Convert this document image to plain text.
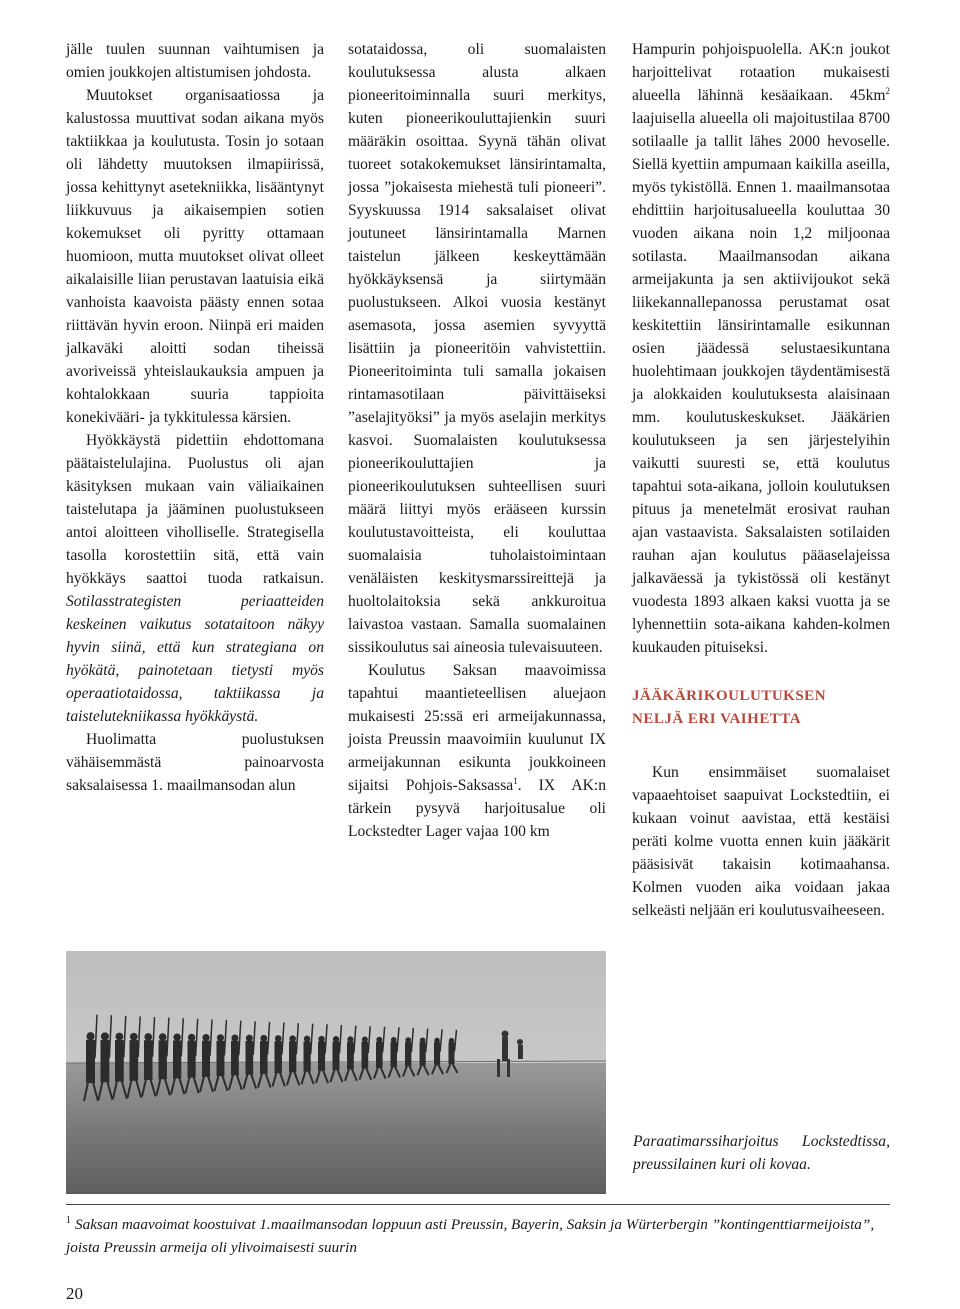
jälle tuulen suunnan vaihtumisen ja omien joukkojen altistumisen johdosta.

Muutokset organisaatiossa ja kalustossa muuttivat sodan aikana myös taktiikkaa ja koulutusta. Tosin jo sotaan oli lähdetty muutoksen ilmapiirissä, jossa kehittynyt asetekniikka, lisääntynyt liikkuvuus ja aikaisempien sotien kokemukset oli pyritty ottamaan huomioon, mutta muutokset olivat olleet aikalaisille liian perustavan laatuisia eikä vanhoista kaavoista päästy ennen sotaa riittävän hyvin eroon. Niinpä eri maiden jalkaväki aloitti sodan tiheissä avoriveissä yhteislaukauksia ampuen ja kohtalokkaan suuria tappioita konekivääri- ja tykkitulessa kärsien.

Hyökkäystä pidettiin ehdottomana päätaistelulajina. Puolustus oli ajan käsityksen mukaan vain väliaikainen taistelutapa ja jääminen puolustukseen antoi aloitteen viholliselle. Strategisella tasolla korostettiin sitä, että vain hyökkäys saattoi tuoda ratkaisun. Sotilasstrategisten periaatteiden keskeinen vaikutus sotataitoon näkyy hyvin siinä, että kun strategiana on hyökätä, painotetaan tietysti myös operaatiotaidossa, taktiikassa ja taistelutekniikassa hyökkäystä.

Huolimatta puolustuksen vähäisemmästä painoarvosta saksalaisessa 1. maailmansodan alun

sotataidossa, oli suomalaisten koulutuksessa alusta alkaen pioneeritoiminnalla suuri merkitys, kuten pioneerikouluttajienkin suuri määräkin osoittaa. Syynä tähän olivat tuoreet sotakokemukset länsirintamalta, jossa ”jokaisesta miehestä tuli pioneeri”. Syyskuussa 1914 saksalaiset olivat joutuneet länsirintamalla Marnen taistelun jälkeen keskeyttämään hyökkäyksensä ja siirtymään puolustukseen. Alkoi vuosia kestänyt asemasota, jossa asemien syvyyttä lisättiin ja pioneeritöin vahvistettiin. Pioneeritoiminta tuli samalla jokaisen rintamasotilaan päivittäiseksi ”aselajityöksi” ja myös aselajin merkitys kasvoi. Suomalaisten koulutuksessa pioneerikouluttajien ja pioneerikoulutuksen suhteellisen suuri määrä liittyi myös erääseen kurssin koulutustavoitteista, eli kouluttaa suomalaisia tuholaistoimintaan venäläisten keskitysmarssireittejä ja huoltolaitoksia sekä ankkuroitua laivastoa vastaan. Samalla suomalainen sissikoulutus sai aineosia tulevaisuuteen.

Koulutus Saksan maavoimissa tapahtui maantieteellisen aluejaon mukaisesti 25:ssä eri armeijakunnassa, joista Preussin maavoimiin kuulunut IX armeijakunnan esikunta joukkoineen sijaitsi Pohjois-Saksassa$^1$. IX AK:n tärkein pysyvä harjoitusalue oli Lockstedter Lager vajaa 100 km

Hampurin pohjoispuolella. AK:n joukot harjoittelivat rotaation mukaisesti alueella lähinnä kesäaikaan. $45km^2$ laajuisella alueella oli majoitustilaa 8700 sotilaalle ja tallit lähes 2000 hevoselle. Siellä kyettiin ampumaan kaikilla aseilla, myös tykistöllä. Ennen 1. maailmansotaa ehdittiin harjoitusalueella kouluttaa 30 vuoden aikana noin 1,2 miljoonaa sotilasta. Maailmansodan aikana armeijakunta ja sen aktiivijoukot sekä liikekannallepanossa perustamat osat keskitettiin länsirintamalle esikunnan osien jäädessä selustaesikuntana huolehtimaan joukkojen täydentämisestä ja alokkaiden koulutuksesta alaisinaan mm. koulutuskeskukset. Jääkärien koulutukseen ja sen järjestelyihin vaikutti suuresti se, että koulutus tapahtui sota-aikana, jolloin koulutuksen pituus ja menetelmät erosivat rauhan ajan vastaavista. Saksalaisten sotilaiden rauhan ajan koulutus pääaselajeissa jalkaväessä ja tykistössä oli kestänyt vuodesta 1893 alkaen kaksi vuotta ja se lyhennettiin sota-aikana kahden-kolmen kuukauden pituiseksi.

JÄÄKÄRIKOULUTUKSEN
NELJÄ ERI VAIHETTA

Kun ensimmäiset suomalaiset vapaaehtoiset saapuivat Lockstedtiin, ei kukaan voinut aavistaa, että kestäisi peräti kolme vuotta ennen kuin jääkärit pääsisivät takaisin kotimaahansa. Kolmen vuoden aika voidaan jakaa selkeästi neljään eri koulutusvaiheeseen.

Paraatimarssiharjoitus Lockstedtissa, preussilainen kuri oli kovaa.
$^1$ Saksan maavoimat koostuivat 1.maailmansodan loppuun asti Preussin, Bayerin, Saksin ja Würterbergin ”kontingenttiarmeijoista”, joista Preussin armeija oli ylivoimaisesti suurin
20
